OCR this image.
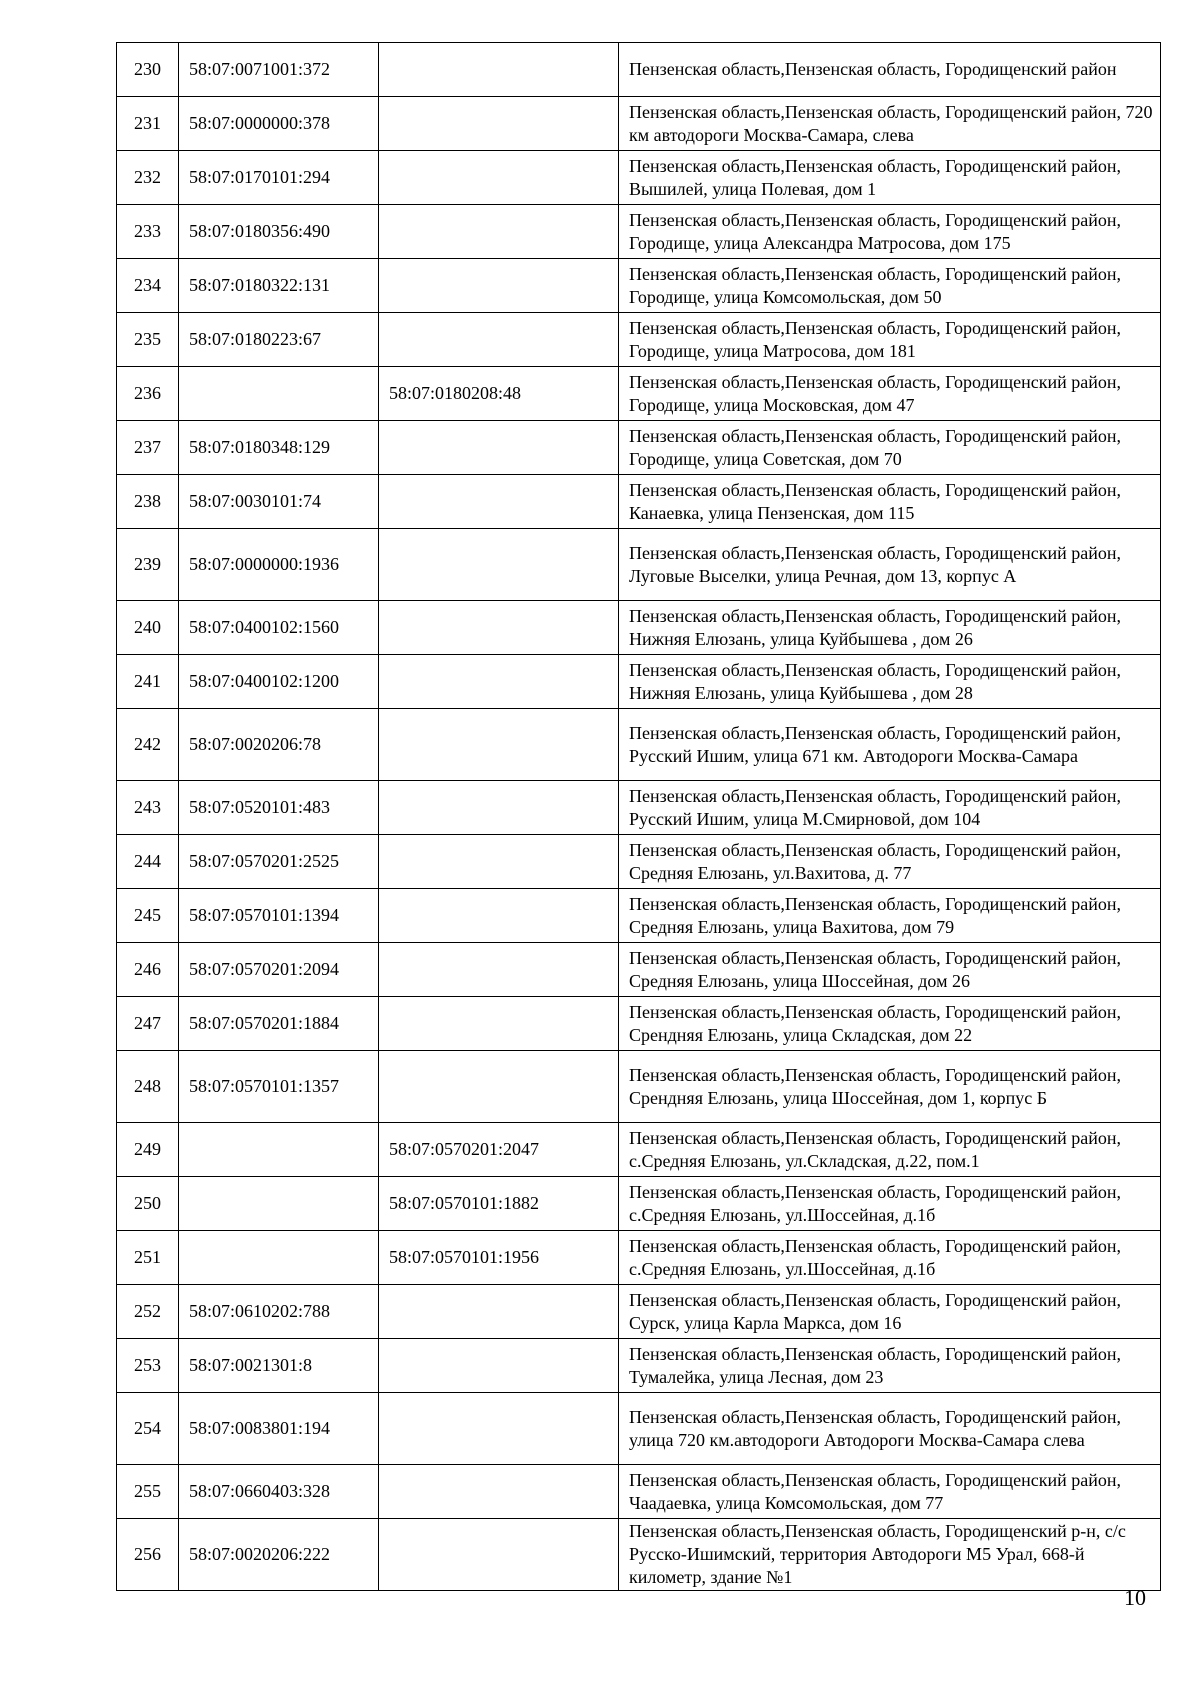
230	58:07:0071001:372		Пензенская область,Пензенская область, Городищенский район
231	58:07:0000000:378		Пензенская область,Пензенская область, Городищенский район, 720 км автодороги Москва-Самара, слева
232	58:07:0170101:294		Пензенская область,Пензенская область, Городищенский район, Вышилей, улица Полевая, дом 1
233	58:07:0180356:490		Пензенская область,Пензенская область, Городищенский район, Городище, улица Александра Матросова, дом 175
234	58:07:0180322:131		Пензенская область,Пензенская область, Городищенский район, Городище, улица Комсомольская, дом 50
235	58:07:0180223:67		Пензенская область,Пензенская область, Городищенский район, Городище, улица Матросова, дом 181
236		58:07:0180208:48	Пензенская область,Пензенская область, Городищенский район, Городище, улица Московская, дом 47
237	58:07:0180348:129		Пензенская область,Пензенская область, Городищенский район, Городище, улица Советская, дом 70
238	58:07:0030101:74		Пензенская область,Пензенская область, Городищенский район, Канаевка, улица Пензенская, дом 115
239	58:07:0000000:1936		Пензенская область,Пензенская область, Городищенский район, Луговые Выселки, улица Речная, дом 13, корпус А
240	58:07:0400102:1560		Пензенская область,Пензенская область, Городищенский район, Нижняя Елюзань, улица Куйбышева , дом 26
241	58:07:0400102:1200		Пензенская область,Пензенская область, Городищенский район, Нижняя Елюзань, улица Куйбышева , дом 28
242	58:07:0020206:78		Пензенская область,Пензенская область, Городищенский район, Русский Ишим, улица 671 км. Автодороги Москва-Самара
243	58:07:0520101:483		Пензенская область,Пензенская область, Городищенский район, Русский Ишим, улица М.Смирновой, дом 104
244	58:07:0570201:2525		Пензенская область,Пензенская область, Городищенский район, Средняя Елюзань, ул.Вахитова, д. 77
245	58:07:0570101:1394		Пензенская область,Пензенская область, Городищенский район, Средняя Елюзань, улица Вахитова, дом 79
246	58:07:0570201:2094		Пензенская область,Пензенская область, Городищенский район, Средняя Елюзань, улица Шоссейная, дом 26
247	58:07:0570201:1884		Пензенская область,Пензенская область, Городищенский район, Срендняя Елюзань, улица Складская, дом 22
248	58:07:0570101:1357		Пензенская область,Пензенская область, Городищенский район, Срендняя Елюзань, улица Шоссейная, дом 1, корпус Б
249		58:07:0570201:2047	Пензенская область,Пензенская область, Городищенский район, с.Средняя Елюзань, ул.Складская, д.22, пом.1
250		58:07:0570101:1882	Пензенская область,Пензенская область, Городищенский район, с.Средняя Елюзань, ул.Шоссейная, д.1б
251		58:07:0570101:1956	Пензенская область,Пензенская область, Городищенский район, с.Средняя Елюзань, ул.Шоссейная, д.1б
252	58:07:0610202:788		Пензенская область,Пензенская область, Городищенский район, Сурск, улица Карла Маркса, дом 16
253	58:07:0021301:8		Пензенская область,Пензенская область, Городищенский район, Тумалейка, улица Лесная, дом 23
254	58:07:0083801:194		Пензенская область,Пензенская область, Городищенский район, улица 720 км.автодороги Автодороги Москва-Самара слева
255	58:07:0660403:328		Пензенская область,Пензенская область, Городищенский район, Чаадаевка, улица Комсомольская, дом 77
256	58:07:0020206:222		Пензенская область,Пензенская область, Городищенский р-н, с/с Русско-Ишимский, территория Автодороги М5 Урал, 668-й километр, здание №1
10
